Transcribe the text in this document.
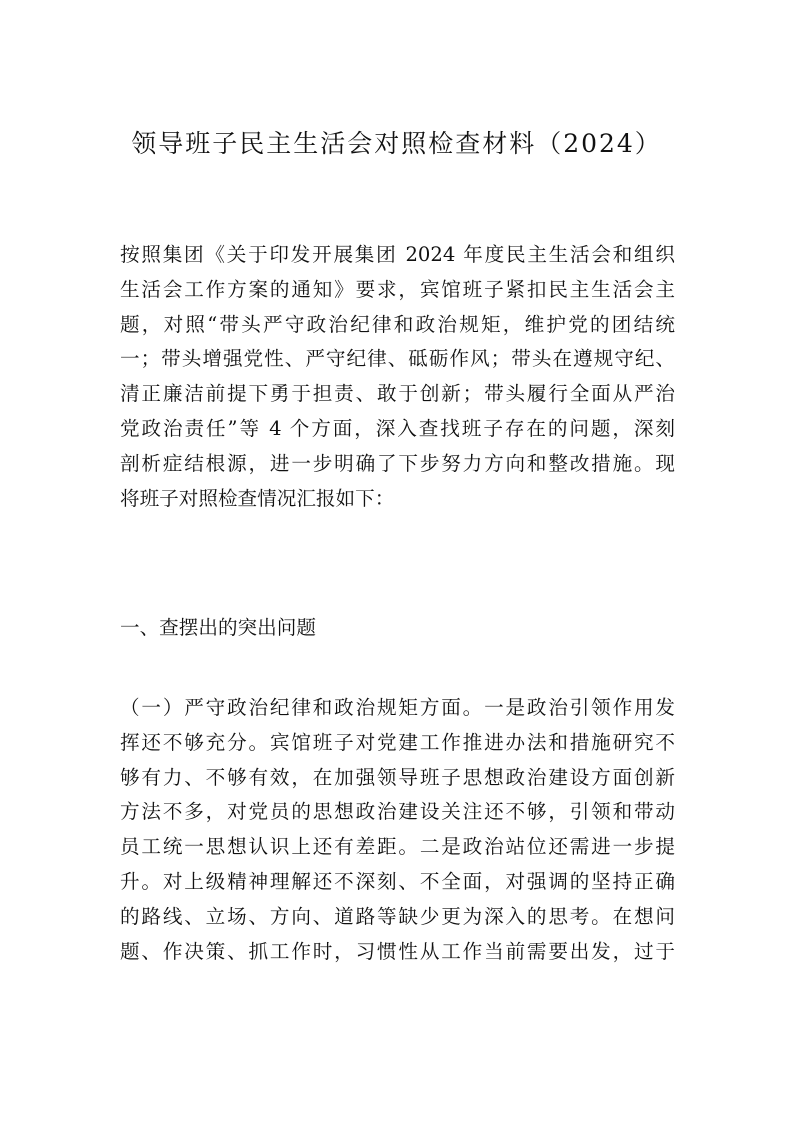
领导班子民主生活会对照检查材料（2024）
按照集团《关于印发开展集团 2024 年度民主生活会和组织
生活会工作方案的通知》要求，宾馆班子紧扣民主生活会主
题，对照“带头严守政治纪律和政治规矩，维护党的团结统
一；带头增强党性、严守纪律、砥砺作风；带头在遵规守纪、
清正廉洁前提下勇于担责、敢于创新；带头履行全面从严治
党政治责任”等 4 个方面，深入查找班子存在的问题，深刻
剖析症结根源，进一步明确了下步努力方向和整改措施。现
将班子对照检查情况汇报如下：
一、查摆出的突出问题
（一）严守政治纪律和政治规矩方面。一是政治引领作用发
挥还不够充分。宾馆班子对党建工作推进办法和措施研究不
够有力、不够有效，在加强领导班子思想政治建设方面创新
方法不多，对党员的思想政治建设关注还不够，引领和带动
员工统一思想认识上还有差距。二是政治站位还需进一步提
升。对上级精神理解还不深刻、不全面，对强调的坚持正确
的路线、立场、方向、道路等缺少更为深入的思考。在想问
题、作决策、抓工作时，习惯性从工作当前需要出发，过于
